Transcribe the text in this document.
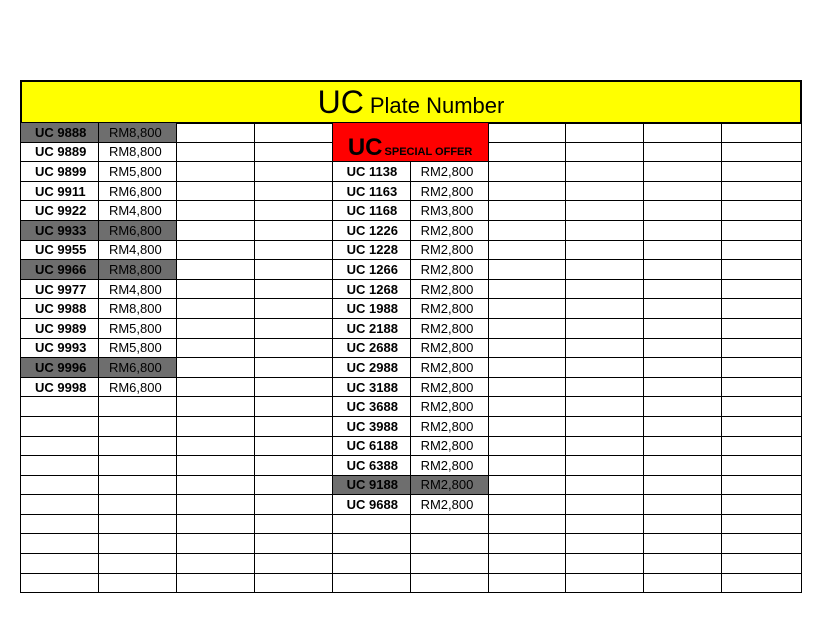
UC Plate Number
UC 9888	RM8,800			UC SPECIAL OFFER					
UC 9889	RM8,800								
UC 9899	RM5,800			UC 1138	RM2,800				
UC 9911	RM6,800			UC 1163	RM2,800				
UC 9922	RM4,800			UC 1168	RM3,800				
UC 9933	RM6,800			UC 1226	RM2,800				
UC 9955	RM4,800			UC 1228	RM2,800				
UC 9966	RM8,800			UC 1266	RM2,800				
UC 9977	RM4,800			UC 1268	RM2,800				
UC 9988	RM8,800			UC 1988	RM2,800				
UC 9989	RM5,800			UC 2188	RM2,800				
UC 9993	RM5,800			UC 2688	RM2,800				
UC 9996	RM6,800			UC 2988	RM2,800				
UC 9998	RM6,800			UC 3188	RM2,800				
				UC 3688	RM2,800				
				UC 3988	RM2,800				
				UC 6188	RM2,800				
				UC 6388	RM2,800				
				UC 9188	RM2,800				
				UC 9688	RM2,800				
